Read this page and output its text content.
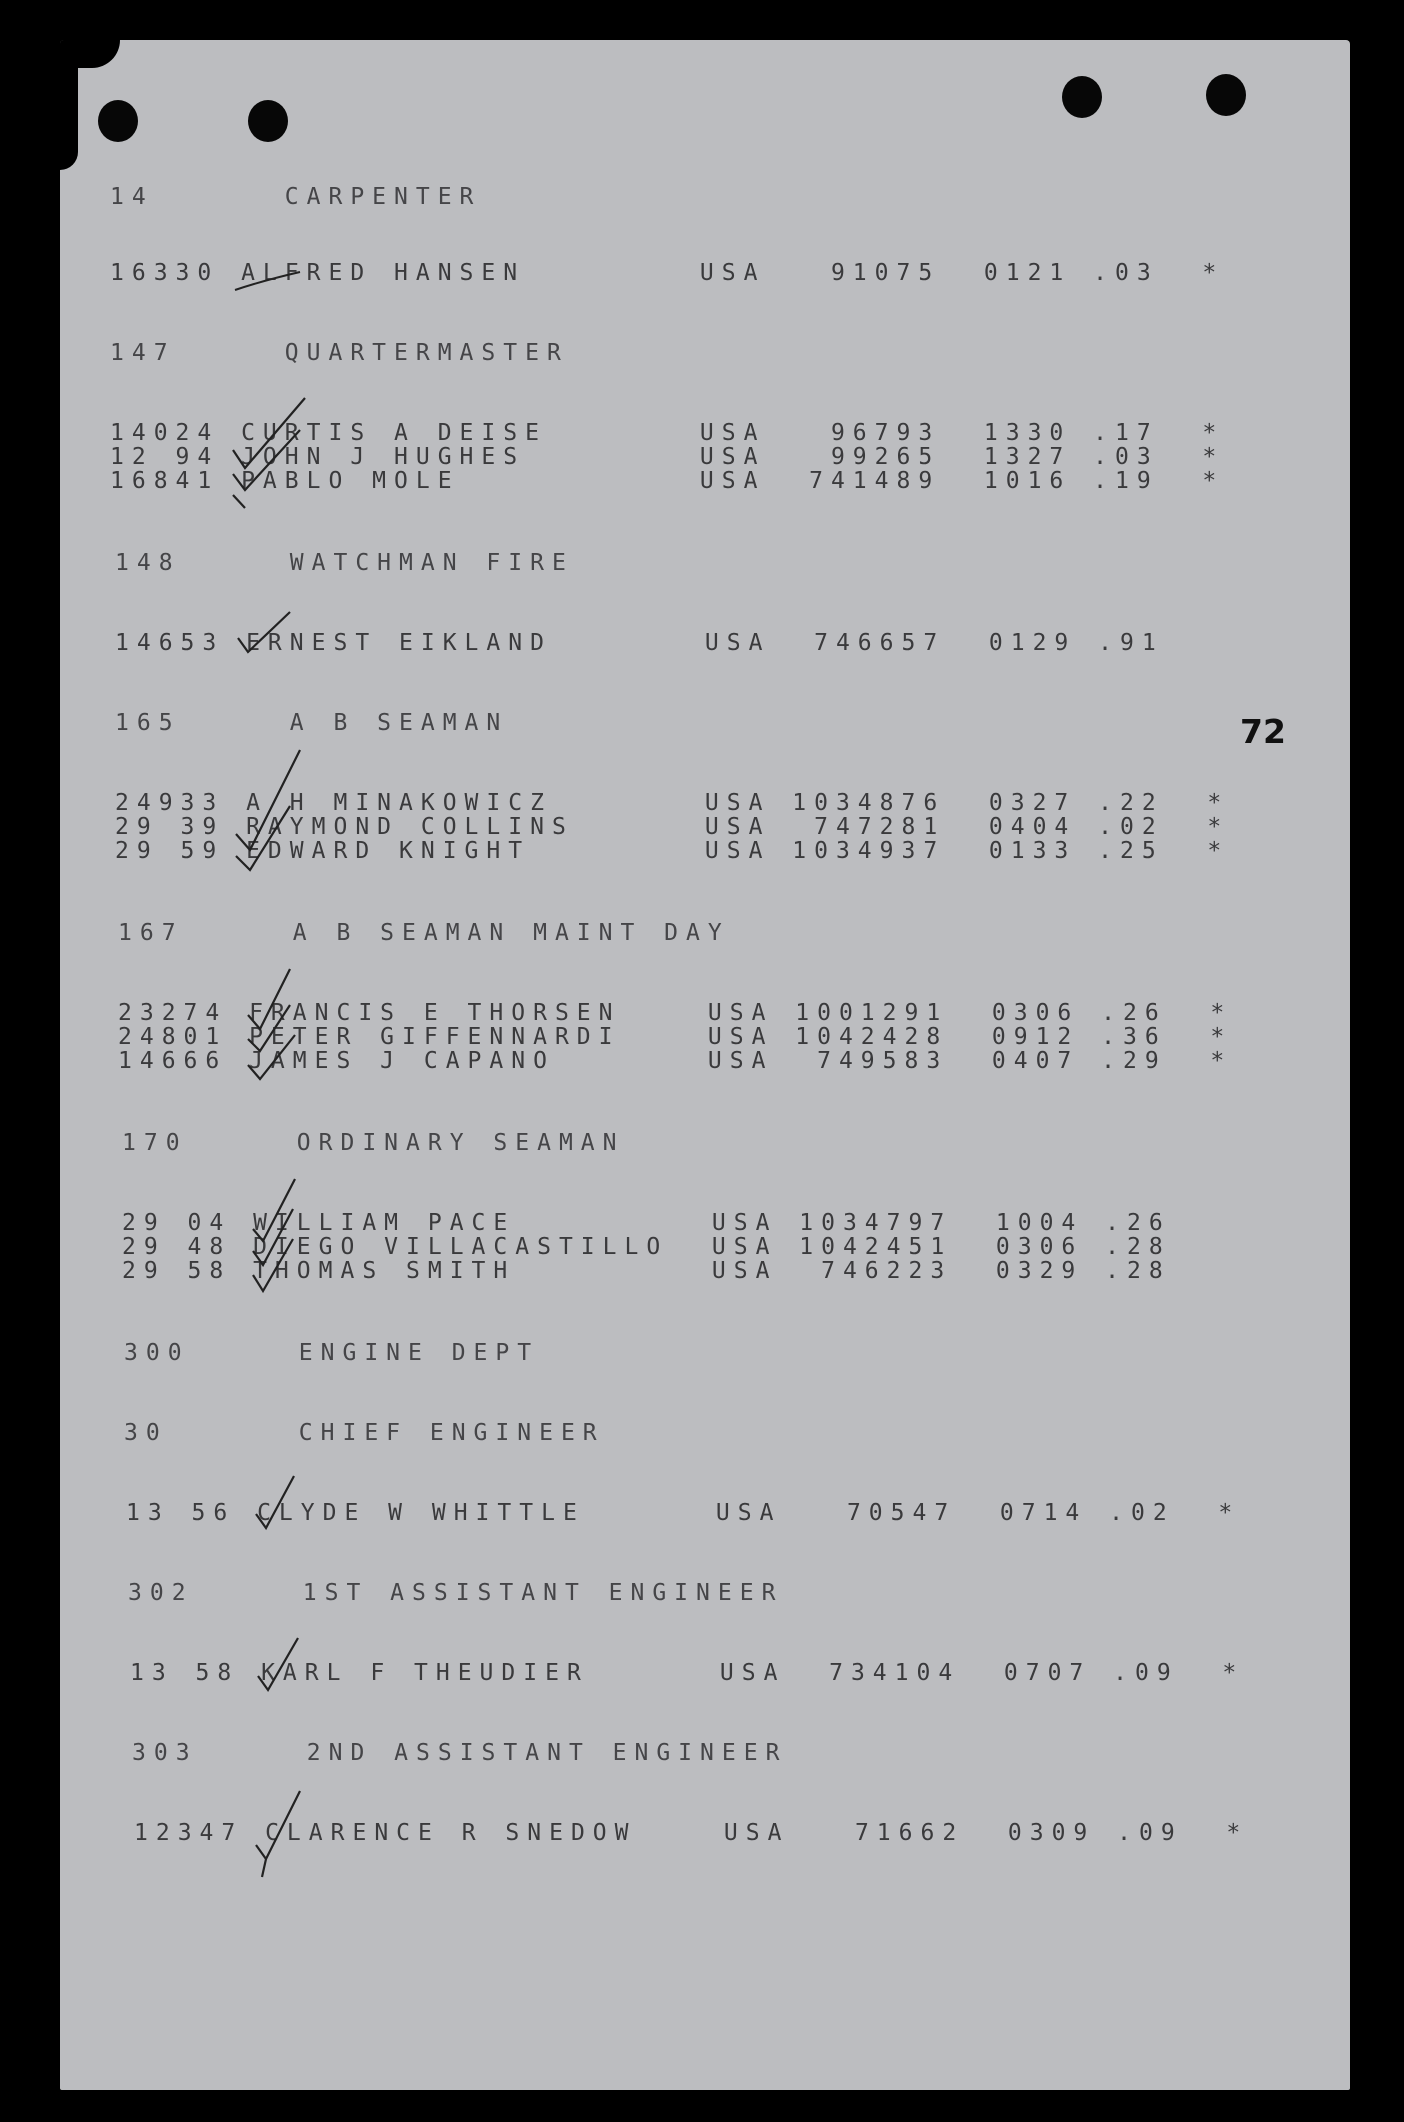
72
14      CARPENTER
16330 ALFRED HANSEN        USA   91075  0121 .03  *
147     QUARTERMASTER
14024 CURTIS A DEISE       USA   96793  1330 .17  *
12 94 JOHN J HUGHES        USA   99265  1327 .03  *
16841 PABLO MOLE           USA  741489  1016 .19  *
148     WATCHMAN FIRE
14653 ERNEST EIKLAND       USA  746657  0129 .91
165     A B SEAMAN
24933 A H MINAKOWICZ       USA 1034876  0327 .22  *
29 39 RAYMOND COLLINS      USA  747281  0404 .02  *
29 59 EDWARD KNIGHT        USA 1034937  0133 .25  *
167     A B SEAMAN MAINT DAY
23274 FRANCIS E THORSEN    USA 1001291  0306 .26  *
24801 PETER GIFFENNARDI    USA 1042428  0912 .36  *
14666 JAMES J CAPANO       USA  749583  0407 .29  *
170     ORDINARY SEAMAN
29 04 WILLIAM PACE         USA 1034797  1004 .26
29 48 DIEGO VILLACASTILLO  USA 1042451  0306 .28
29 58 THOMAS SMITH         USA  746223  0329 .28
300     ENGINE DEPT
30      CHIEF ENGINEER
13 56 CLYDE W WHITTLE      USA   70547  0714 .02  *
302     1ST ASSISTANT ENGINEER
13 58 KARL F THEUDIER      USA  734104  0707 .09  *
303     2ND ASSISTANT ENGINEER
12347 CLARENCE R SNEDOW    USA   71662  0309 .09  *
